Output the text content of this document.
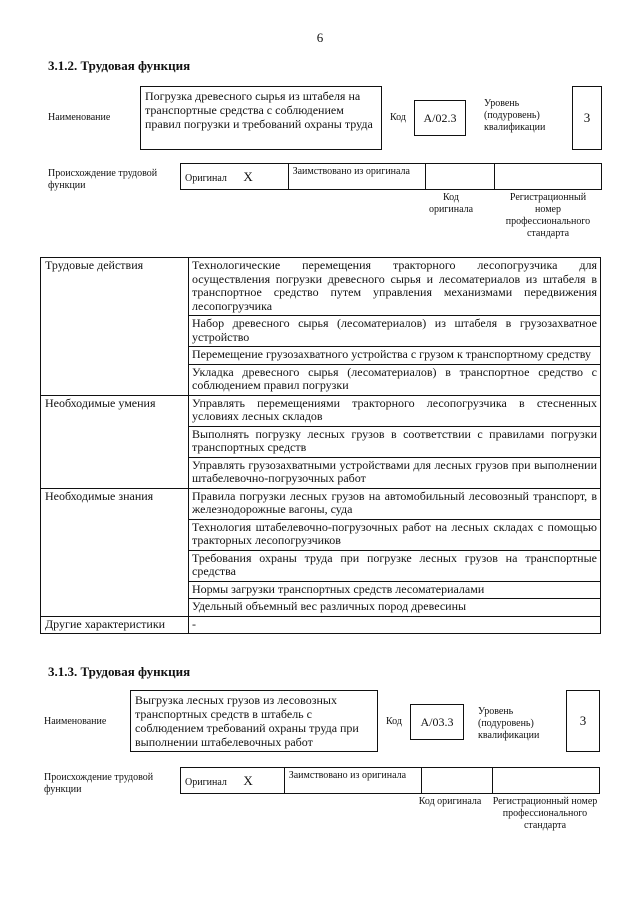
6
3.1.2. Трудовая функция
Наименование
Погрузка древесного сырья из штабеля на транспортные средства с соблюдением правил погрузки и требований охраны труда	Код	А/02.3
Уровень (подуровень) квалификации
3
Происхождение трудовой функции
Оригинал X	Заимствовано из оригинала		
Код оригинала
Регистрационный номер профессионального стандарта
Трудовые действия	Технологические перемещения тракторного лесопогрузчика для осуществления погрузки древесного сырья и лесоматериалов из штабеля в транспортное средство путем управления механизмами передвижения лесопогрузчика
	Набор древесного сырья (лесоматериалов) из штабеля в грузозахватное устройство
	Перемещение грузозахватного устройства с грузом к транспортному средству
	Укладка древесного сырья (лесоматериалов) в транспортное средство с соблюдением правил погрузки
Необходимые умения	Управлять перемещениями тракторного лесопогрузчика в стесненных условиях лесных складов
	Выполнять погрузку лесных грузов в соответствии с правилами погрузки транспортных средств
	Управлять грузозахватными устройствами для лесных грузов при выполнении штабелевочно-погрузочных работ
Необходимые знания	Правила погрузки лесных грузов на автомобильный лесовозный транспорт, в железнодорожные вагоны, суда
	Технология штабелевочно-погрузочных работ на лесных складах с помощью тракторных лесопогрузчиков
	Требования охраны труда при погрузке лесных грузов на транспортные средства
	Нормы загрузки транспортных средств лесоматериалами
	Удельный объемный вес различных пород древесины
Другие характеристики	-
3.1.3. Трудовая функция
Наименование
Выгрузка лесных грузов из лесовозных транспортных средств в штабель с соблюдением требований охраны труда при выполнении штабелевочных работ
Код	А/03.3
Уровень (подуровень) квалификации
3
Происхождение трудовой функции
Оригинал X	Заимствовано из оригинала		
Код оригинала Регистрационный номер профессионального стандарта
